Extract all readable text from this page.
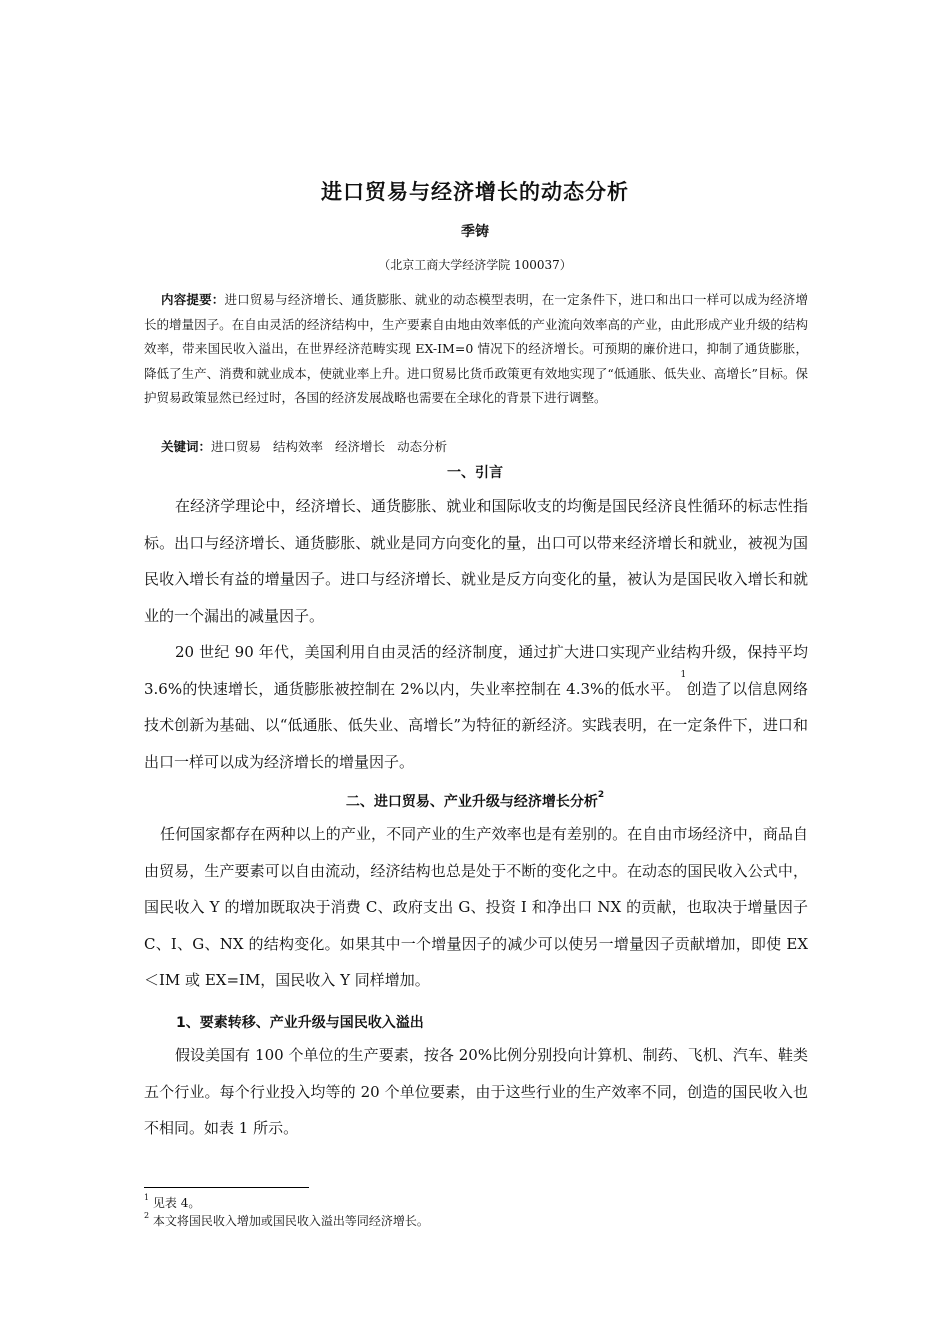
进口贸易与经济增长的动态分析
季铸
（北京工商大学经济学院 100037）
内容提要：进口贸易与经济增长、通货膨胀、就业的动态模型表明，在一定条件下，进口和出口一样可以成为经济增长的增量因子。在自由灵活的经济结构中，生产要素自由地由效率低的产业流向效率高的产业，由此形成产业升级的结构效率，带来国民收入溢出，在世界经济范畴实现 EX-IM=0 情况下的经济增长。可预期的廉价进口，抑制了通货膨胀，降低了生产、消费和就业成本，使就业率上升。进口贸易比货币政策更有效地实现了“低通胀、低失业、高增长”目标。保护贸易政策显然已经过时，各国的经济发展战略也需要在全球化的背景下进行调整。
关键词：进口贸易 结构效率 经济增长 动态分析
一、引言
在经济学理论中，经济增长、通货膨胀、就业和国际收支的均衡是国民经济良性循环的标志性指标。出口与经济增长、通货膨胀、就业是同方向变化的量，出口可以带来经济增长和就业，被视为国民收入增长有益的增量因子。进口与经济增长、就业是反方向变化的量，被认为是国民收入增长和就业的一个漏出的减量因子。
20 世纪 90 年代，美国利用自由灵活的经济制度，通过扩大进口实现产业结构升级，保持平均 3.6%的快速增长，通货膨胀被控制在 2%以内，失业率控制在 4.3%的低水平。$^1$创造了以信息网络技术创新为基础、以“低通胀、低失业、高增长”为特征的新经济。实践表明，在一定条件下，进口和出口一样可以成为经济增长的增量因子。
二、进口贸易、产业升级与经济增长分析$^2$
任何国家都存在两种以上的产业，不同产业的生产效率也是有差别的。在自由市场经济中，商品自由贸易，生产要素可以自由流动，经济结构也总是处于不断的变化之中。在动态的国民收入公式中，国民收入 Y 的增加既取决于消费 C、政府支出 G、投资 I 和净出口 NX 的贡献，也取决于增量因子 C、I、G、NX 的结构变化。如果其中一个增量因子的减少可以使另一增量因子贡献增加，即使 EX＜IM 或 EX=IM，国民收入 Y 同样增加。
1、要素转移、产业升级与国民收入溢出
假设美国有 100 个单位的生产要素，按各 20%比例分别投向计算机、制药、飞机、汽车、鞋类五个行业。每个行业投入均等的 20 个单位要素，由于这些行业的生产效率不同，创造的国民收入也不相同。如表 1 所示。
$^1$ 见表 4。
$^2$ 本文将国民收入增加或国民收入溢出等同经济增长。
